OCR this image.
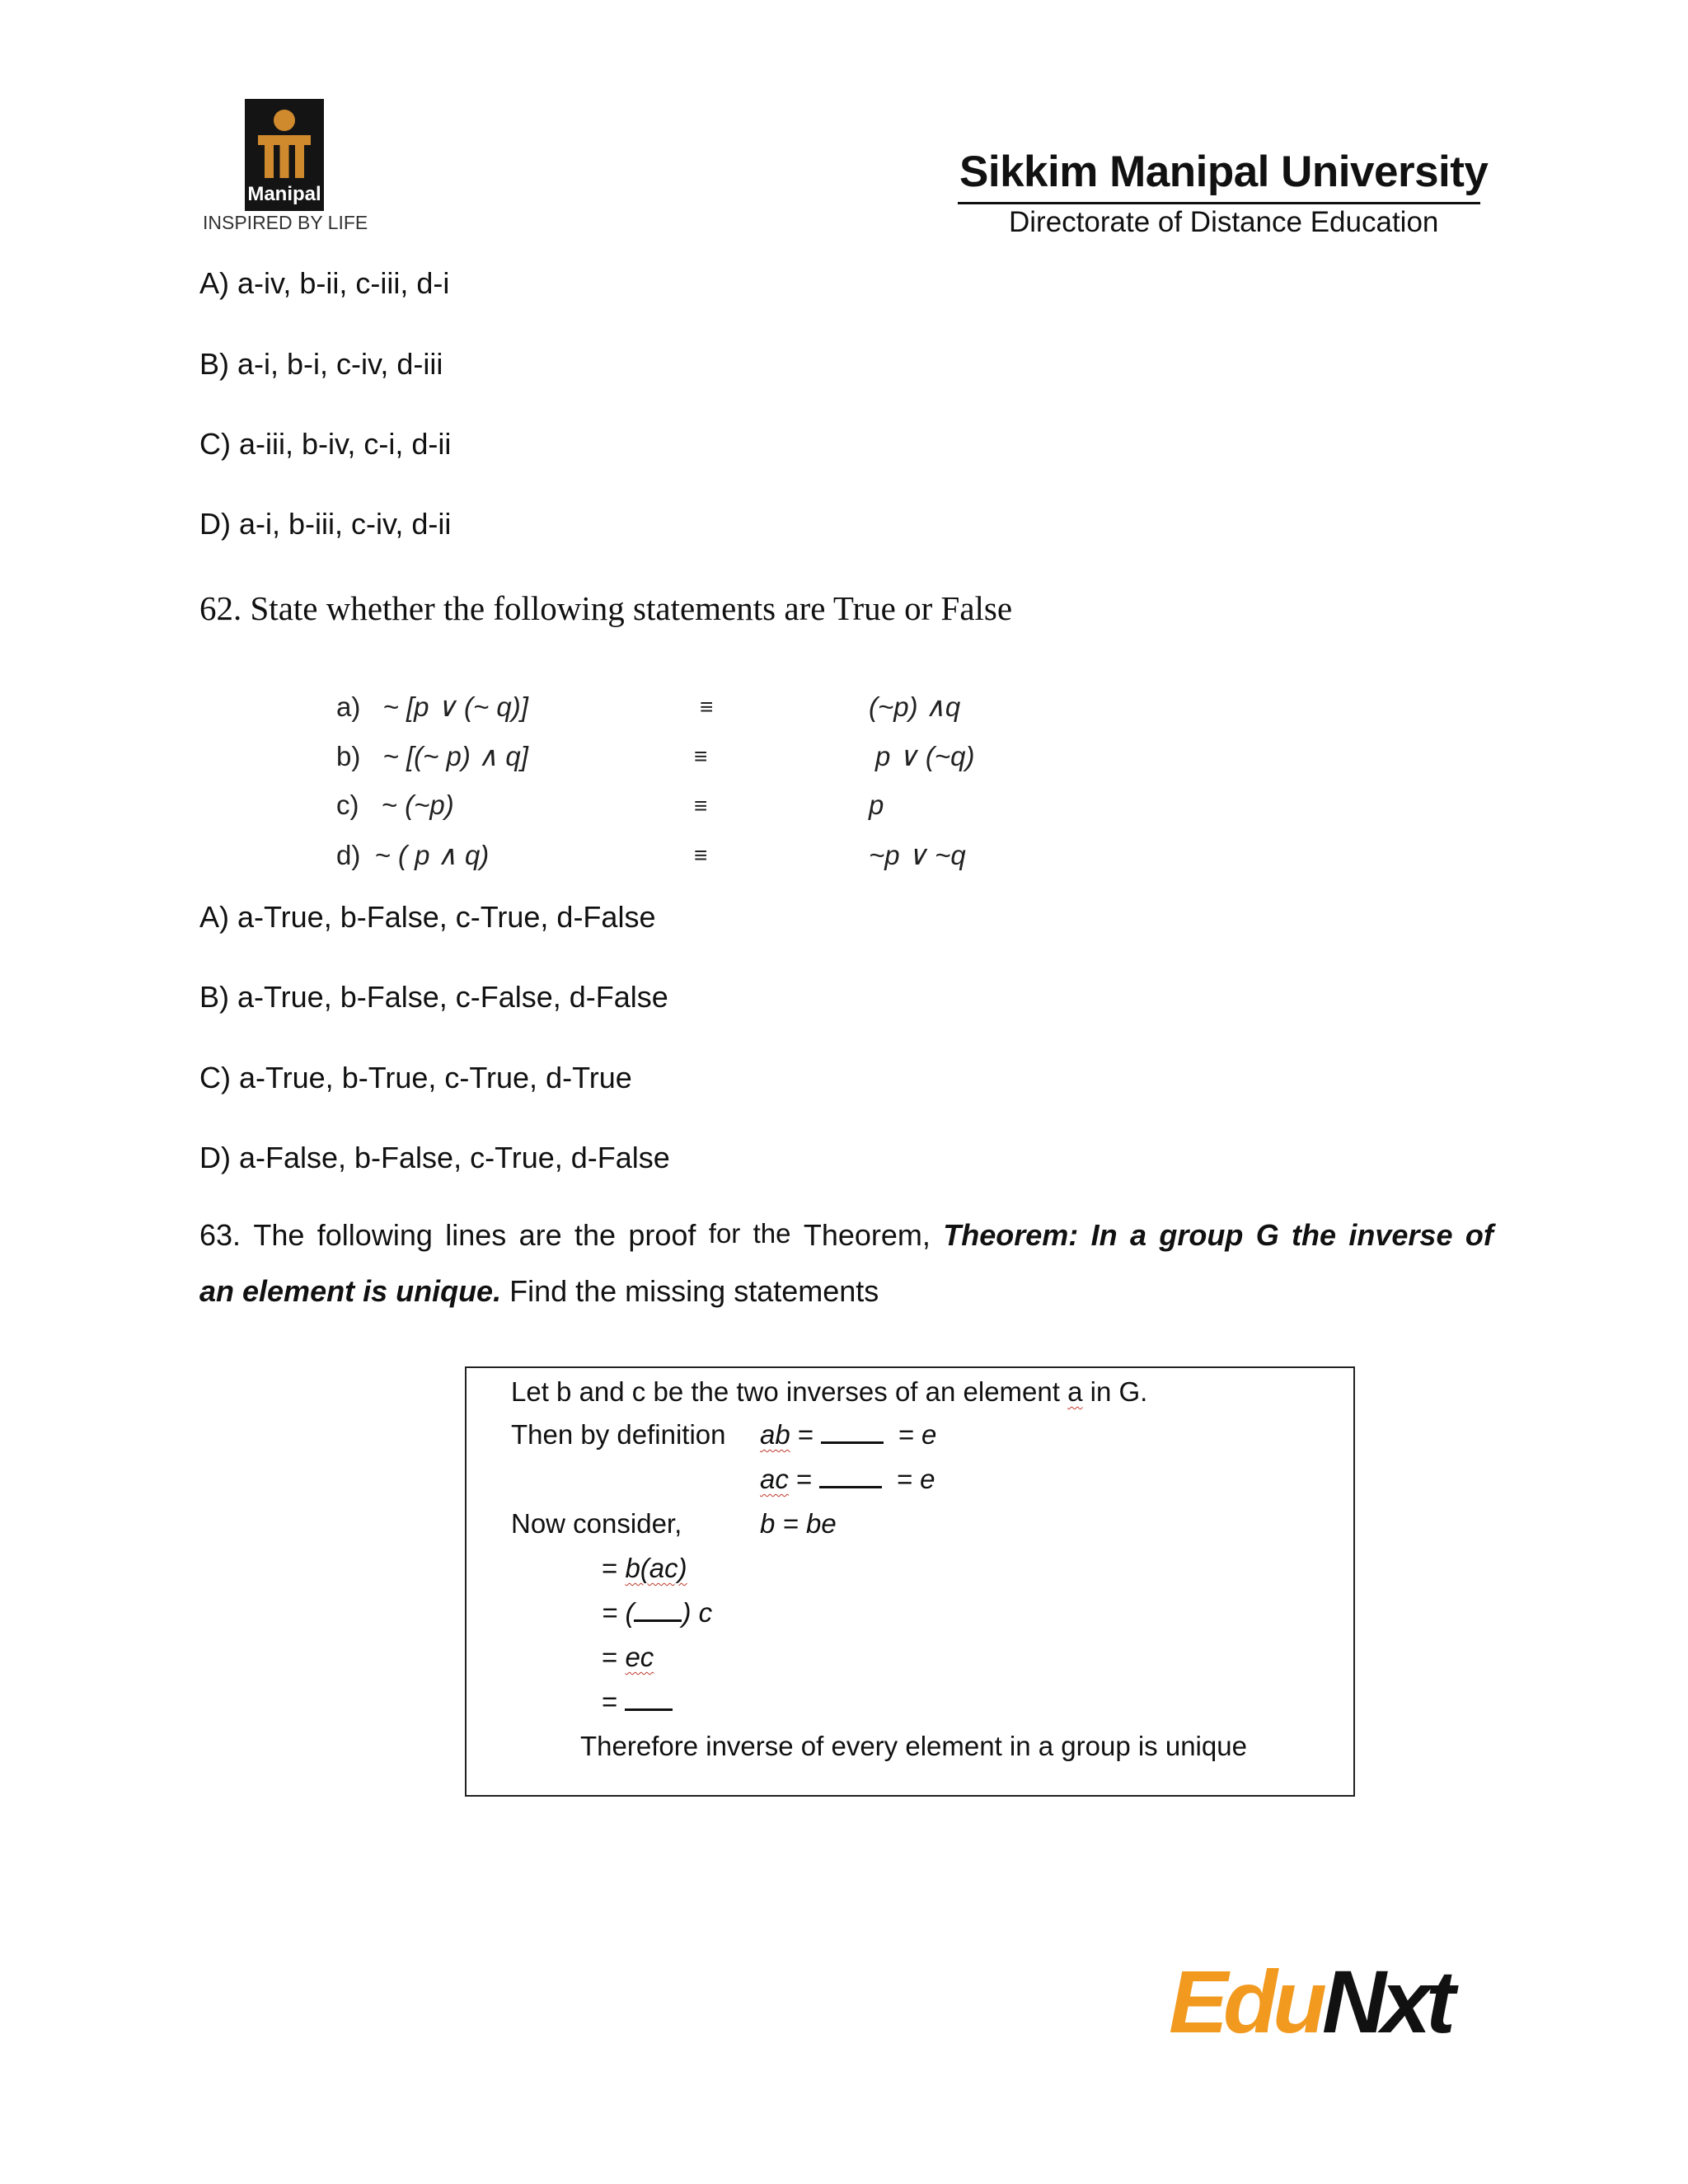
Manipal
INSPIRED BY LIFE
Sikkim Manipal University
Directorate of Distance Education
A) a-iv, b-ii, c-iii, d-i
B) a-i, b-i, c-iv, d-iii
C) a-iii, b-iv, c-i, d-ii
D) a-i, b-iii, c-iv, d-ii
62. State whether the following statements are True or False
a) ~ [p ∨ (~ q)]	≡	(~p) ∧q
b) ~ [(~ p) ∧ q]	≡	p ∨ (~q)
c) ~ (~p)	≡	p
d) ~ ( p ∧ q)	≡	~p ∨ ~q
A) a-True, b-False, c-True, d-False
B) a-True, b-False, c-False, d-False
C) a-True, b-True, c-True, d-True
D) a-False, b-False, c-True, d-False
63. The following lines are the proof for the Theorem, Theorem: In a group G the inverse of
an element is unique. Find the missing statements
Let b and c be the two inverses of an element a in G.
Then by definition ab =	= e
ac =	= e
Now consider,	b = be
= b(ac)
= ( ) c
= ec
=
Therefore inverse of every element in a group is unique
EduNxt
